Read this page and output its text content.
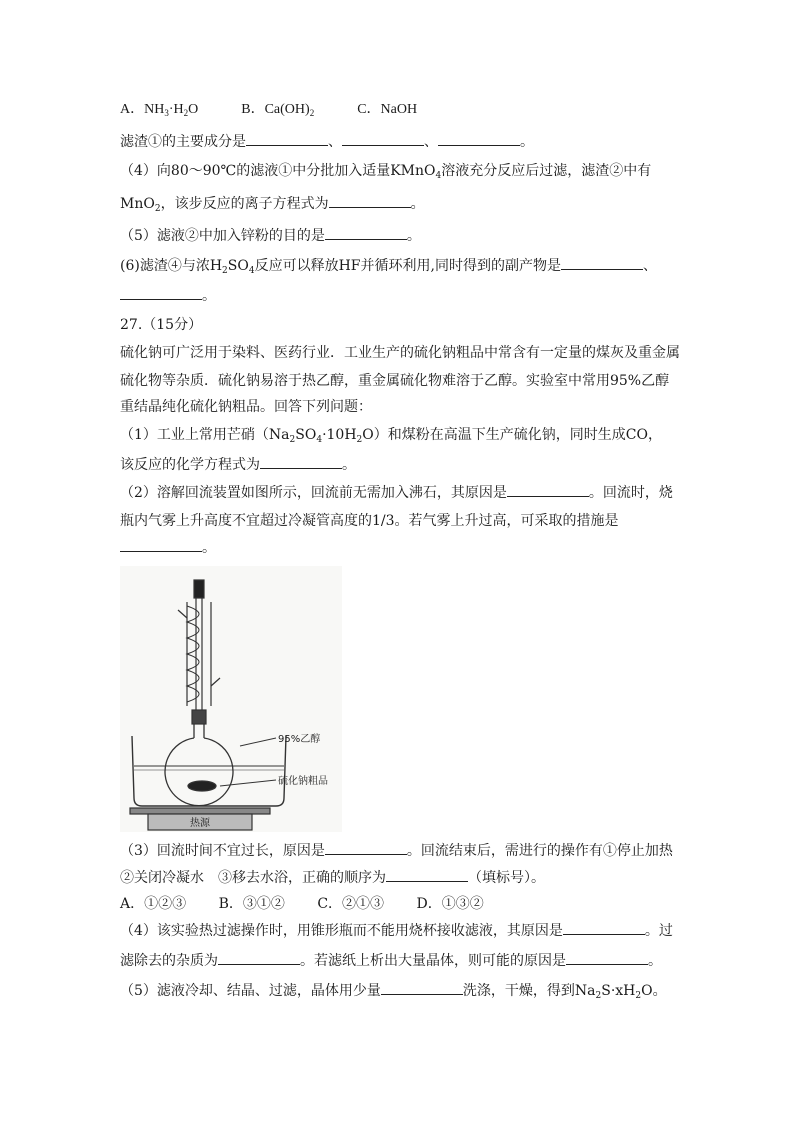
A．$NH_3\cdot H_2O$	B．$Ca(OH)_2$	C．NaOH
滤渣①的主要成分是	、	、	。
（4）向80～90℃的滤液①中分批加入适量KMnO$_4$溶液充分反应后过滤，滤渣②中有
MnO$_2$，该步反应的离子方程式为	。
（5）滤液②中加入锌粉的目的是	。
(6)滤渣④与浓$H_2SO_4$反应可以释放HF并循环利用,同时得到的副产物是	、
。
27.（15分）
硫化钠可广泛用于染料、医药行业．工业生产的硫化钠粗品中常含有一定量的煤灰及重金属
硫化物等杂质．硫化钠易溶于热乙醇，重金属硫化物难溶于乙醇。实验室中常用95%乙醇
重结晶纯化硫化钠粗品。回答下列问题：
（1）工业上常用芒硝$(Na_2SO_4\cdot 10H_2O)$和煤粉在高温下生产硫化钠，同时生成CO，
该反应的化学方程式为	。
（2）溶解回流装置如图所示，回流前无需加入沸石，其原因是	。回流时，烧
瓶内气雾上升高度不宜超过冷凝管高度的1/3。若气雾上升过高，可采取的措施是
。
热源
95%乙醇
硫化钠粗品
（3）回流时间不宜过长，原因是	。回流结束后，需进行的操作有①停止加热
②关闭冷凝水　③移去水浴，正确的顺序为	（填标号）。
A．①②③ B．③①② C．②①③ D．①③②
（4）该实验热过滤操作时，用锥形瓶而不能用烧杯接收滤液，其原因是	。过
滤除去的杂质为	。若滤纸上析出大量晶体，则可能的原因是	。
（5）滤液冷却、结晶、过滤，晶体用少量	洗涤，干燥，得到$Na_2S\cdot xH_2O$。
